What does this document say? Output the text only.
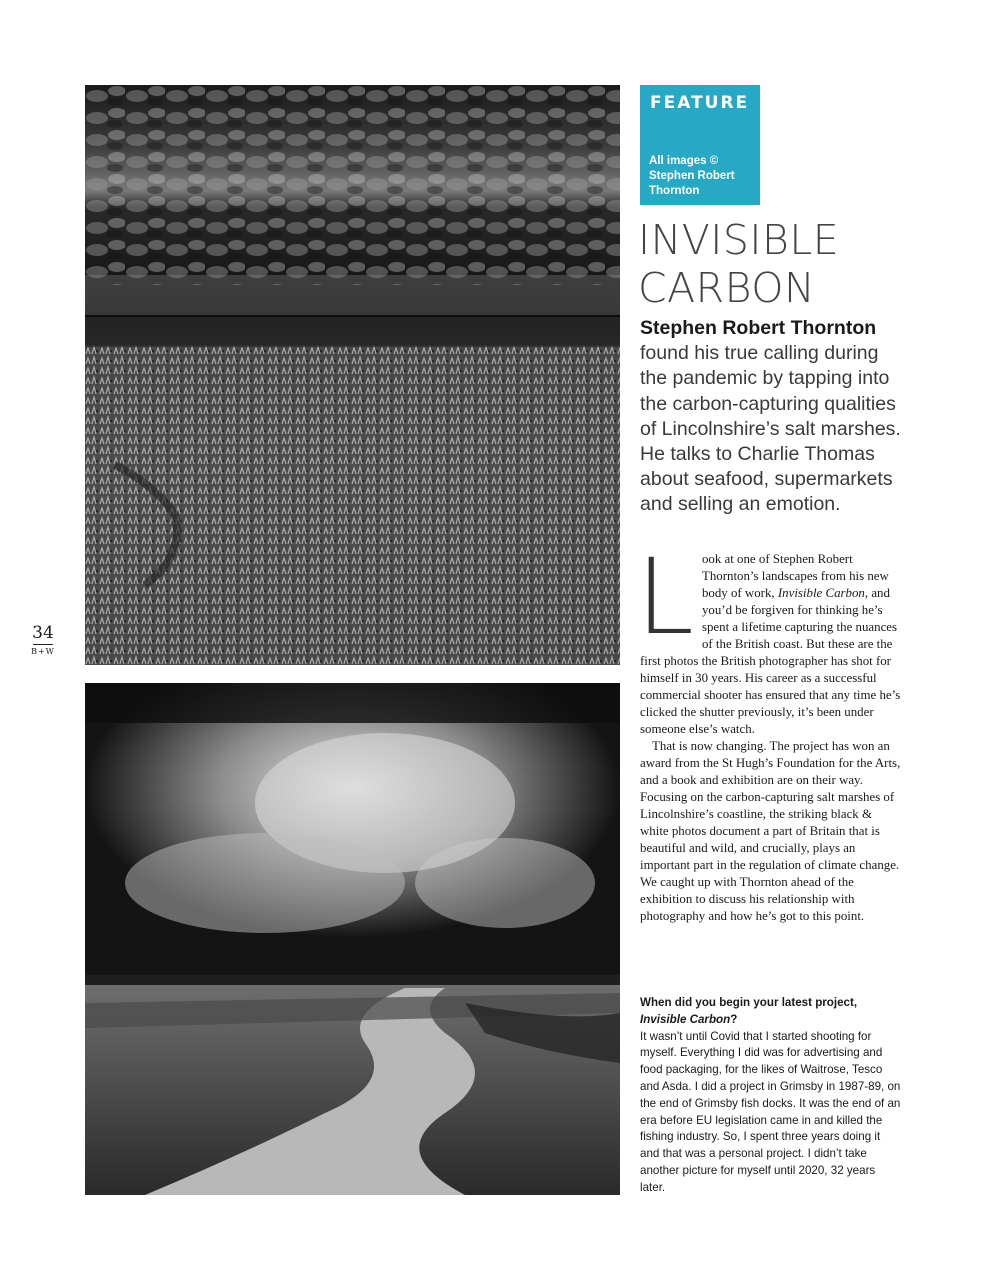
34
B+W
FEATURE
All images © Stephen Robert Thornton
INVISIBLE
CARBON
Stephen Robert Thornton found his true calling during the pandemic by tapping into the carbon-capturing qualities of Lincolnshire’s salt marshes. He talks to Charlie Thomas about seafood, supermarkets and selling an emotion.

Look at one of Stephen Robert Thornton’s landscapes from his new body of work, Invisible Carbon, and you’d be forgiven for thinking he’s spent a lifetime capturing the nuances of the British coast. But these are the first photos the British photographer has shot for himself in 30 years. His career as a successful commercial shooter has ensured that any time he’s clicked the shutter previously, it’s been under someone else’s watch.

That is now changing. The project has won an award from the St Hugh’s Foundation for the Arts, and a book and exhibition are on their way. Focusing on the carbon-capturing salt marshes of Lincolnshire’s coastline, the striking black & white photos document a part of Britain that is beautiful and wild, and crucially, plays an important part in the regulation of climate change. We caught up with Thornton ahead of the exhibition to discuss his relationship with photography and how he’s got to this point.

When did you begin your latest project, Invisible Carbon?

It wasn’t until Covid that I started shooting for myself. Everything I did was for advertising and food packaging, for the likes of Waitrose, Tesco and Asda. I did a project in Grimsby in 1987-89, on the end of Grimsby fish docks. It was the end of an era before EU legislation came in and killed the fishing industry. So, I spent three years doing it and that was a personal project. I didn’t take another picture for myself until 2020, 32 years later.
